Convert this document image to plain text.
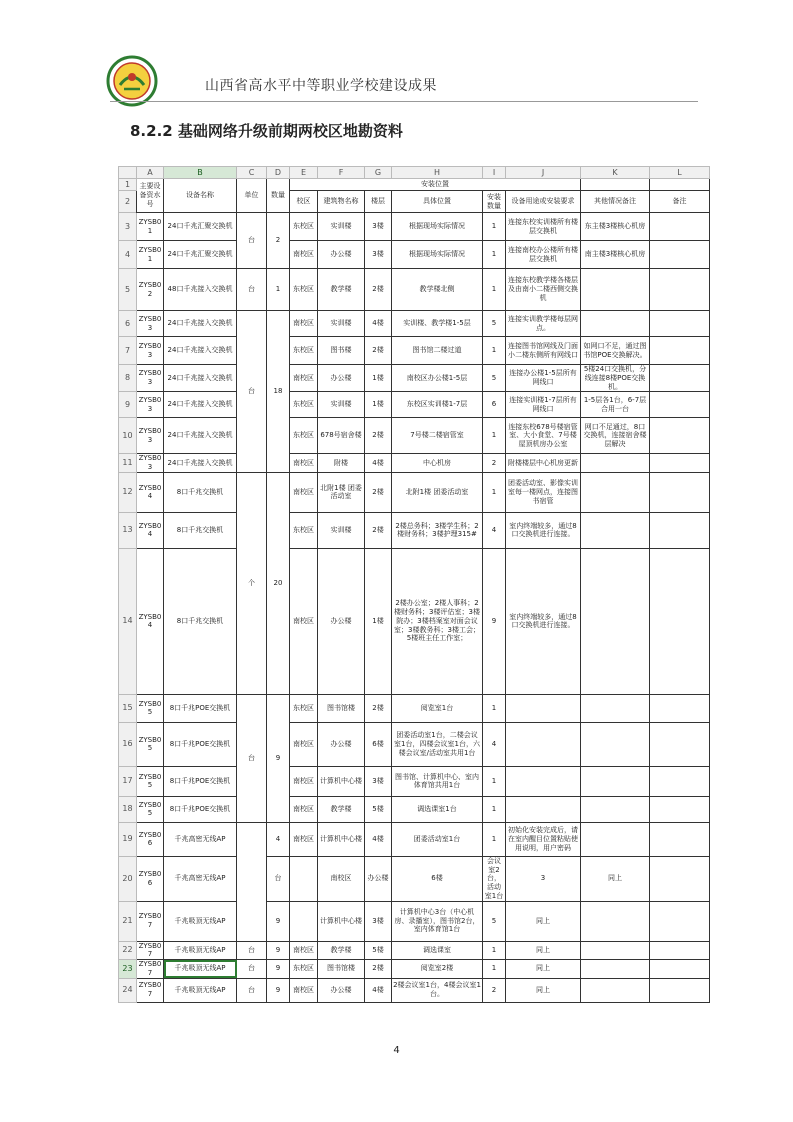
山西省高水平中等职业学校建设成果
8.2.2 基础网络升级前期两校区地勘资料
	A	B	C	D	E	F	G	H	I	J	K	L
1	主要设备资水号	设备名称	单位	数量	安装位置							
2					校区	建筑物名称	楼层	具体位置	安装数量	设备用途或安装要求	其他情况备注	备注
3	ZYSB01	24口千兆汇聚交换机	台	2	东校区	实训楼	3楼	根据现场实际情况	1	连接东校实训楼所有楼层交换机	东主楼3楼核心机房	
4	ZYSB01	24口千兆汇聚交换机			南校区	办公楼	3楼	根据现场实际情况	1	连接南校办公楼所有楼层交换机	南主楼3楼核心机房	
5	ZYSB02	48口千兆接入交换机	台	1	东校区	教学楼	2楼	教学楼北侧	1	连接东校教学楼各楼层及由南小二楼西侧交换机		
6	ZYSB03	24口千兆接入交换机	台	18	南校区	实训楼	4楼	实训楼、教学楼1-5层	5	连接实训教学楼每层网点。		
7	ZYSB03	24口千兆接入交换机			东校区	图书楼	2楼	图书馆二楼过道	1	连接图书馆网线及门面小二楼东侧所有网线口	如网口不足，通过图书馆POE交换解决。	
8	ZYSB03	24口千兆接入交换机			南校区	办公楼	1楼	南校区办公楼1-5层	5	连接办公楼1-5层所有网线口	5楼24口交换机，分线连接8楼POE交换机。	
9	ZYSB03	24口千兆接入交换机			东校区	实训楼	1楼	东校区实训楼1-7层	6	连接实训楼1-7层所有网线口	1-5层各1台，6-7层合用一台	
10	ZYSB03	24口千兆接入交换机			东校区	678号宿舍楼	2楼	7号楼二楼宿管室	1	连接东校678号楼宿管室、大小食堂、7号楼屋顶机房办公室	网口不足通过，8口交换机，连接宿舍楼层解决	
11	ZYSB03	24口千兆接入交换机			南校区	附楼	4楼	中心机房	2	附楼楼层中心机房更新		
12	ZYSB04	8口千兆交换机	个	20	南校区	北附1楼 团委活动室	2楼	北附1楼 团委活动室	1	团委活动室、影像实训室每一楼网点，连接图书宿管		
13	ZYSB04	8口千兆交换机			东校区	实训楼	2楼	2楼总务科；3楼学生科；2楼财务科；3楼护理315#	4	室内终端较多，通过8口交换机进行连接。		
14	ZYSB04	8口千兆交换机			南校区	办公楼	1楼	2楼办公室；2楼人事科；2楼财务科；3楼评估室；3楼院办；3楼档案室对面会议室；3楼教务科；3楼工会；5楼班主任工作室；	9	室内终端较多，通过8口交换机进行连接。		
15	ZYSB05	8口千兆POE交换机	台	9	东校区	图书馆楼	2楼	阅览室1台	1			
16	ZYSB05	8口千兆POE交换机			南校区	办公楼	6楼	团委活动室1台，二楼会议室1台，四楼会议室1台，六楼会议室/活动室共用1台	4			
17	ZYSB05	8口千兆POE交换机			南校区	计算机中心楼	3楼	图书馆、计算机中心、室内体育馆共用1台	1			
18	ZYSB05	8口千兆POE交换机			南校区	教学楼	5楼	调选课室1台	1			
19	ZYSB06	千兆高密无线AP		4	南校区	计算机中心楼	4楼	团委活动室1台	1	初始化安装完成后，请在室内醒目位置粘贴使用说明，用户密码		
20	ZYSB06	千兆高密无线AP		台		南校区	办公楼	6楼	会议室2台，活动室1台	3	同上	
21	ZYSB07	千兆吸顶无线AP		9		计算机中心楼	3楼	计算机中心3台（中心机房、录播室），图书馆2台，室内体育馆1台	5	同上		
22	ZYSB07	千兆吸顶无线AP	台	9	南校区	教学楼	5楼	调选课室	1	同上		
23	ZYSB07	千兆吸顶无线AP	台	9	东校区	图书馆楼	2楼	阅览室2楼	1	同上		
24	ZYSB07	千兆吸顶无线AP	台	9	南校区	办公楼	4楼	2楼会议室1台，4楼会议室1台。	2	同上		
4
